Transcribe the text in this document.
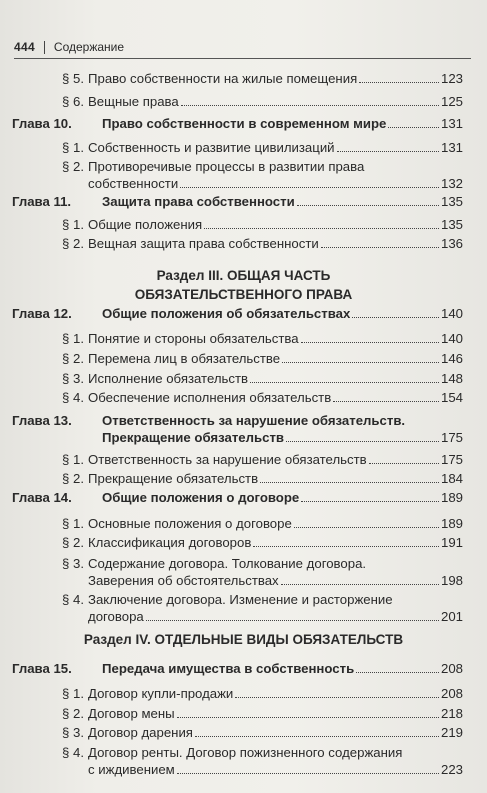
444 Содержание
§ 5. Право собственности на жилые помещения	123
§ 6. Вещные права	125
Глава 10. Право собственности в современном мире	131
§ 1. Собственность и развитие цивилизаций	131
§ 2. Противоречивые процессы в развитии права
собственности	132
Глава 11. Защита права собственности	135
§ 1. Общие положения	135
§ 2. Вещная защита права собственности	136
Глава 12. Общие положения об обязательствах	140
§ 1. Понятие и стороны обязательства	140
§ 2. Перемена лиц в обязательстве	146
§ 3. Исполнение обязательств	148
§ 4. Обеспечение исполнения обязательств	154
Глава 13. Ответственность за нарушение обязательств.
Прекращение обязательств	175
§ 1. Ответственность за нарушение обязательств	175
§ 2. Прекращение обязательств	184
Глава 14. Общие положения о договоре	189
§ 1. Основные положения о договоре	189
§ 2. Классификация договоров	191
§ 3. Содержание договора. Толкование договора.
Заверения об обстоятельствах	198
§ 4. Заключение договора. Изменение и расторжение
договора	201
Глава 15. Передача имущества в собственность	208
§ 1. Договор купли-продажи	208
§ 2. Договор мены	218
§ 3. Договор дарения	219
§ 4. Договор ренты. Договор пожизненного содержания
с иждивением	223
Раздел III. ОБЩАЯ ЧАСТЬ
ОБЯЗАТЕЛЬСТВЕННОГО ПРАВА
Раздел IV. ОТДЕЛЬНЫЕ ВИДЫ ОБЯЗАТЕЛЬСТВ
